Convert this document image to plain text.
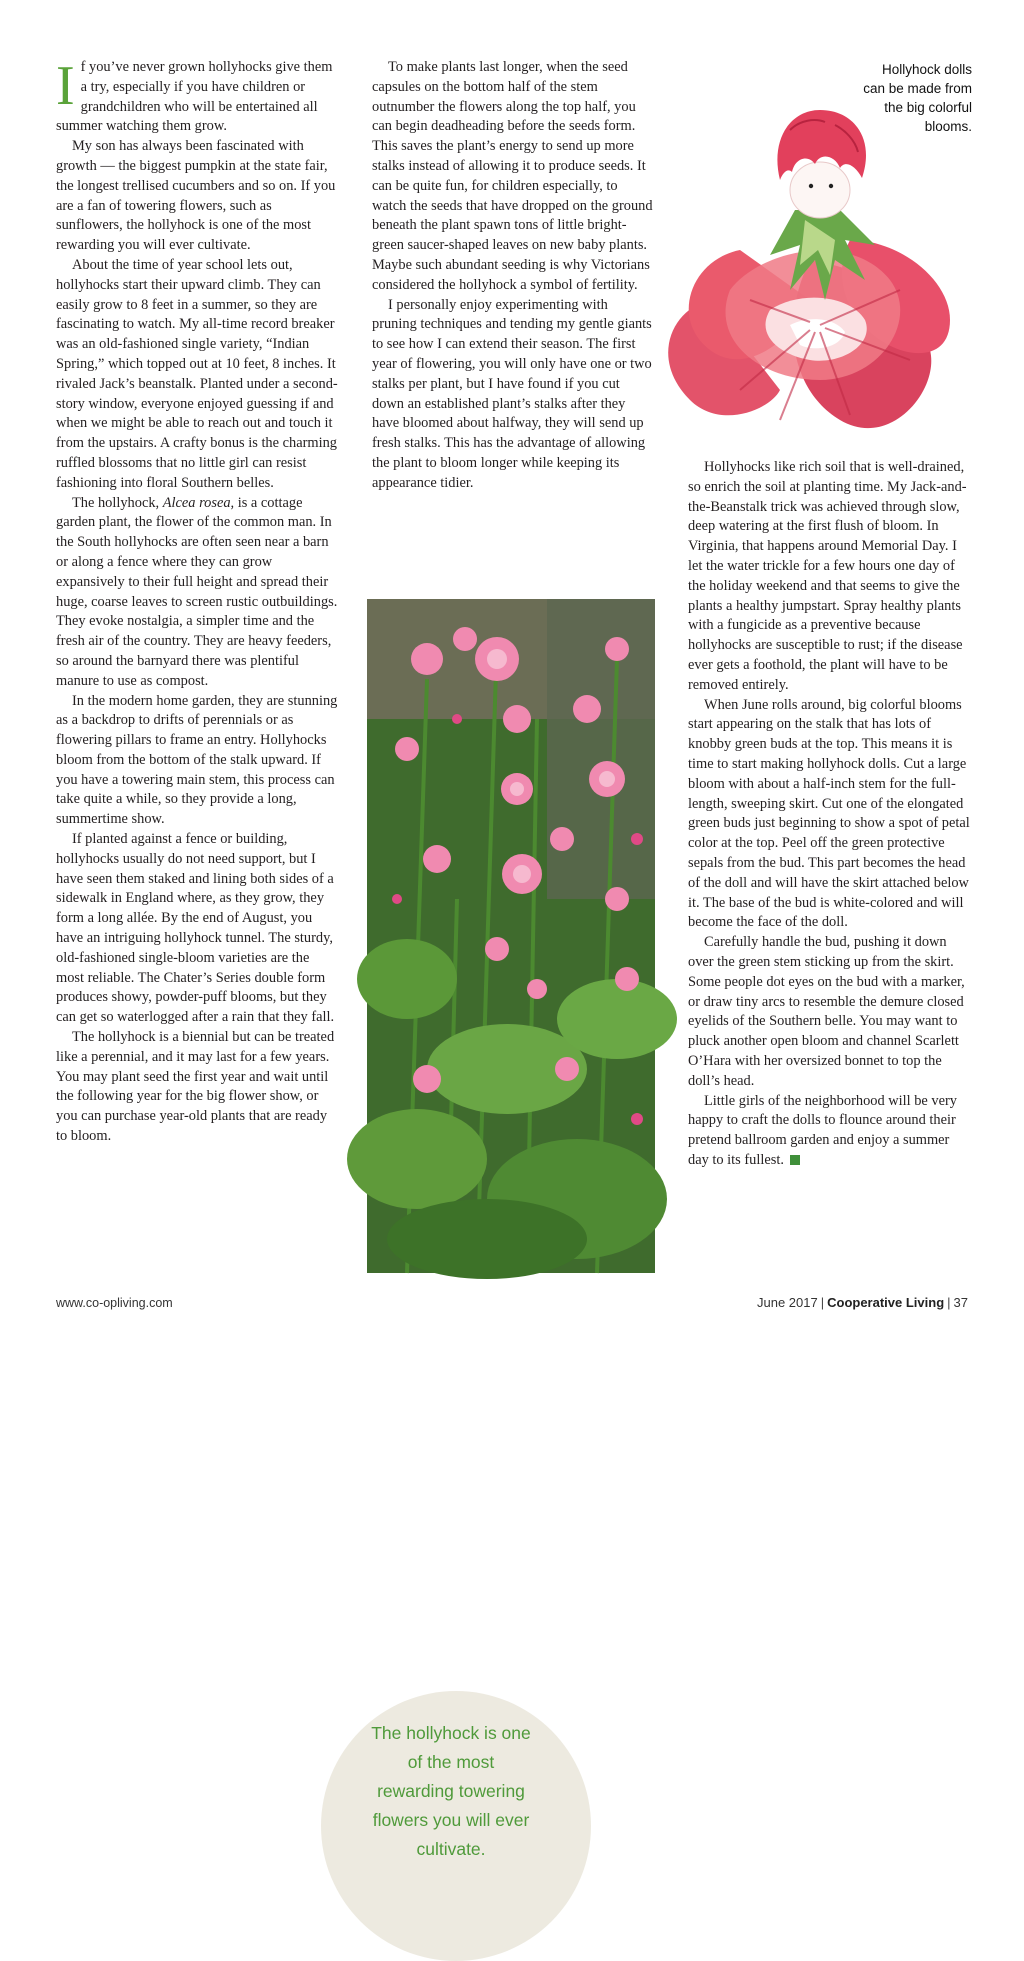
If you’ve never grown hollyhocks give them a try, especially if you have children or grandchildren who will be entertained all summer watching them grow.

My son has always been fascinated with growth — the biggest pumpkin at the state fair, the longest trellised cucumbers and so on. If you are a fan of towering flowers, such as sunflowers, the hollyhock is one of the most rewarding you will ever cultivate.

About the time of year school lets out, hollyhocks start their upward climb. They can easily grow to 8 feet in a summer, so they are fascinating to watch. My all-time record breaker was an old-fashioned single variety, “Indian Spring,” which topped out at 10 feet, 8 inches. It rivaled Jack’s beanstalk. Planted under a second-story window, everyone enjoyed guessing if and when we might be able to reach out and touch it from the upstairs. A crafty bonus is the charming ruffled blossoms that no little girl can resist fashioning into floral Southern belles.

The hollyhock, Alcea rosea, is a cottage garden plant, the flower of the common man. In the South hollyhocks are often seen near a barn or along a fence where they can grow expansively to their full height and spread their huge, coarse leaves to screen rustic outbuildings. They evoke nostalgia, a simpler time and the fresh air of the country. They are heavy feeders, so around the barnyard there was plentiful manure to use as compost.

In the modern home garden, they are stunning as a backdrop to drifts of perennials or as flowering pillars to frame an entry. Hollyhocks bloom from the bottom of the stalk upward. If you have a towering main stem, this process can take quite a while, so they provide a long, summertime show.

If planted against a fence or building, hollyhocks usually do not need support, but I have seen them staked and lining both sides of a sidewalk in England where, as they grow, they form a long allée. By the end of August, you have an intriguing hollyhock tunnel. The sturdy, old-fashioned single-bloom varieties are the most reliable. The Chater’s Series double form produces showy, powder-puff blooms, but they can get so waterlogged after a rain that they fall.

The hollyhock is a biennial but can be treated like a perennial, and it may last for a few years. You may plant seed the first year and wait until the following year for the big flower show, or you can purchase year-old plants that are ready to bloom.

To make plants last longer, when the seed capsules on the bottom half of the stem outnumber the flowers along the top half, you can begin deadheading before the seeds form. This saves the plant’s energy to send up more stalks instead of allowing it to produce seeds. It can be quite fun, for children especially, to watch the seeds that have dropped on the ground beneath the plant spawn tons of little bright-green saucer-shaped leaves on new baby plants. Maybe such abundant seeding is why Victorians considered the hollyhock a symbol of fertility.

I personally enjoy experimenting with pruning techniques and tending my gentle giants to see how I can extend their season. The first year of flowering, you will only have one or two stalks per plant, but I have found if you cut down an established plant’s stalks after they have bloomed about halfway, they will send up fresh stalks. This has the advantage of allowing the plant to bloom longer while keeping its appearance tidier.

Hollyhock dolls can be made from the big colorful blooms.

Hollyhocks like rich soil that is well-drained, so enrich the soil at planting time. My Jack-and-the-Beanstalk trick was achieved through slow, deep watering at the first flush of bloom. In Virginia, that happens around Memorial Day. I let the water trickle for a few hours one day of the holiday weekend and that seems to give the plants a healthy jumpstart. Spray healthy plants with a fungicide as a preventive because hollyhocks are susceptible to rust; if the disease ever gets a foothold, the plant will have to be removed entirely.

When June rolls around, big colorful blooms start appearing on the stalk that has lots of knobby green buds at the top. This means it is time to start making hollyhock dolls. Cut a large bloom with about a half-inch stem for the full-length, sweeping skirt. Cut one of the elongated green buds just beginning to show a spot of petal color at the top. Peel off the green protective sepals from the bud. This part becomes the head of the doll and will have the skirt attached below it. The base of the bud is white-colored and will become the face of the doll.

Carefully handle the bud, pushing it down over the green stem sticking up from the skirt. Some people dot eyes on the bud with a marker, or draw tiny arcs to resemble the demure closed eyelids of the Southern belle. You may want to pluck another open bloom and channel Scarlett O’Hara with her oversized bonnet to top the doll’s head.

Little girls of the neighborhood will be very happy to craft the dolls to flounce around their pretend ballroom garden and enjoy a summer day to its fullest.

The hollyhock is one of the most rewarding towering flowers you will ever cultivate.
www.co-opliving.com	June 2017 | Cooperative Living | 37
